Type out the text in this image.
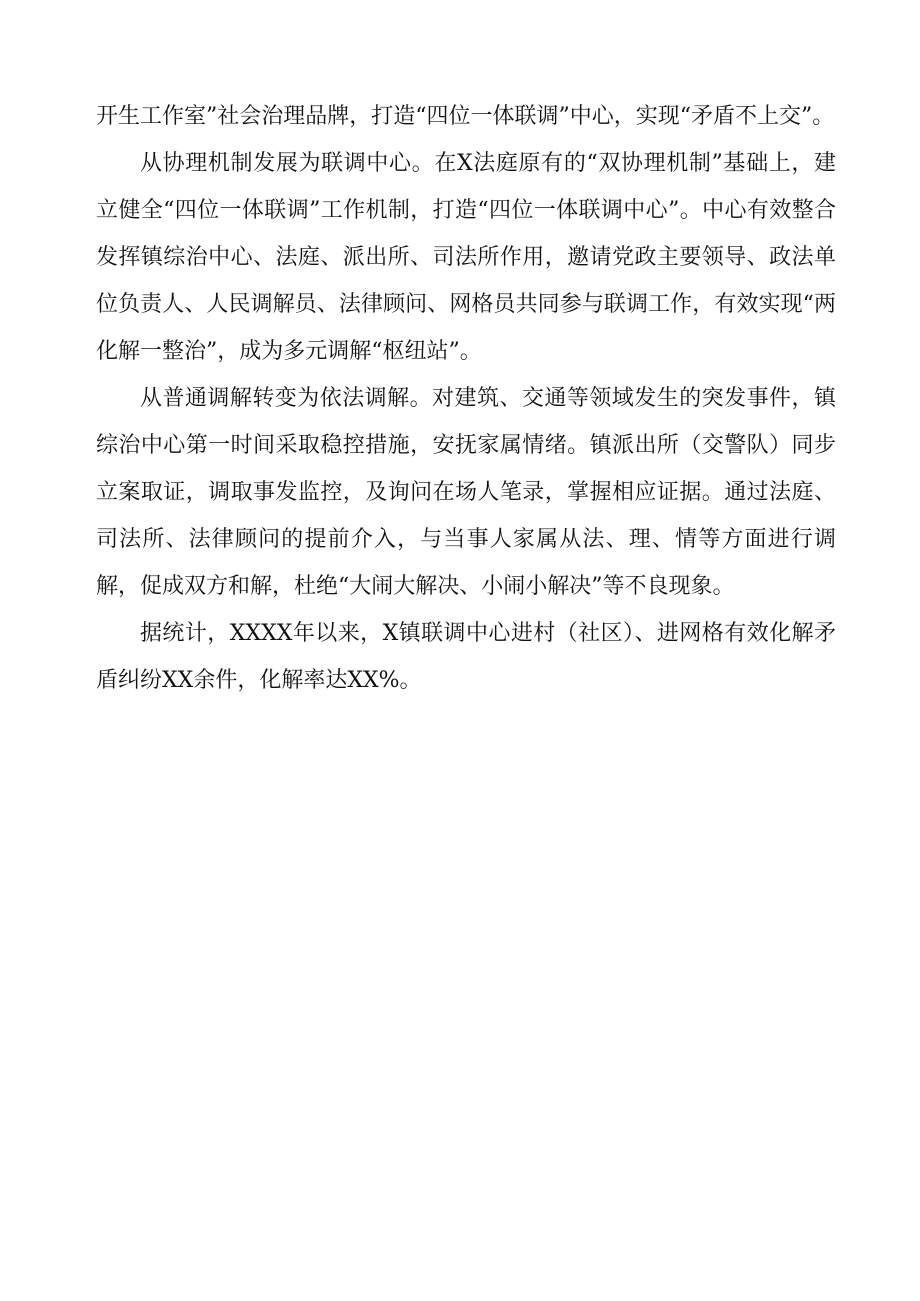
开生工作室”社会治理品牌，打造“四位一体联调”中心，实现“矛盾不上交”。

从协理机制发展为联调中心。在X法庭原有的“双协理机制”基础上，建立健全“四位一体联调”工作机制，打造“四位一体联调中心”。中心有效整合发挥镇综治中心、法庭、派出所、司法所作用，邀请党政主要领导、政法单位负责人、人民调解员、法律顾问、网格员共同参与联调工作，有效实现“两化解一整治”，成为多元调解“枢纽站”。

从普通调解转变为依法调解。对建筑、交通等领域发生的突发事件，镇综治中心第一时间采取稳控措施，安抚家属情绪。镇派出所（交警队）同步立案取证，调取事发监控，及询问在场人笔录，掌握相应证据。通过法庭、司法所、法律顾问的提前介入，与当事人家属从法、理、情等方面进行调解，促成双方和解，杜绝“大闹大解决、小闹小解决”等不良现象。

据统计，XXXX年以来，X镇联调中心进村（社区）、进网格有效化解矛盾纠纷XX余件，化解率达XX%。
